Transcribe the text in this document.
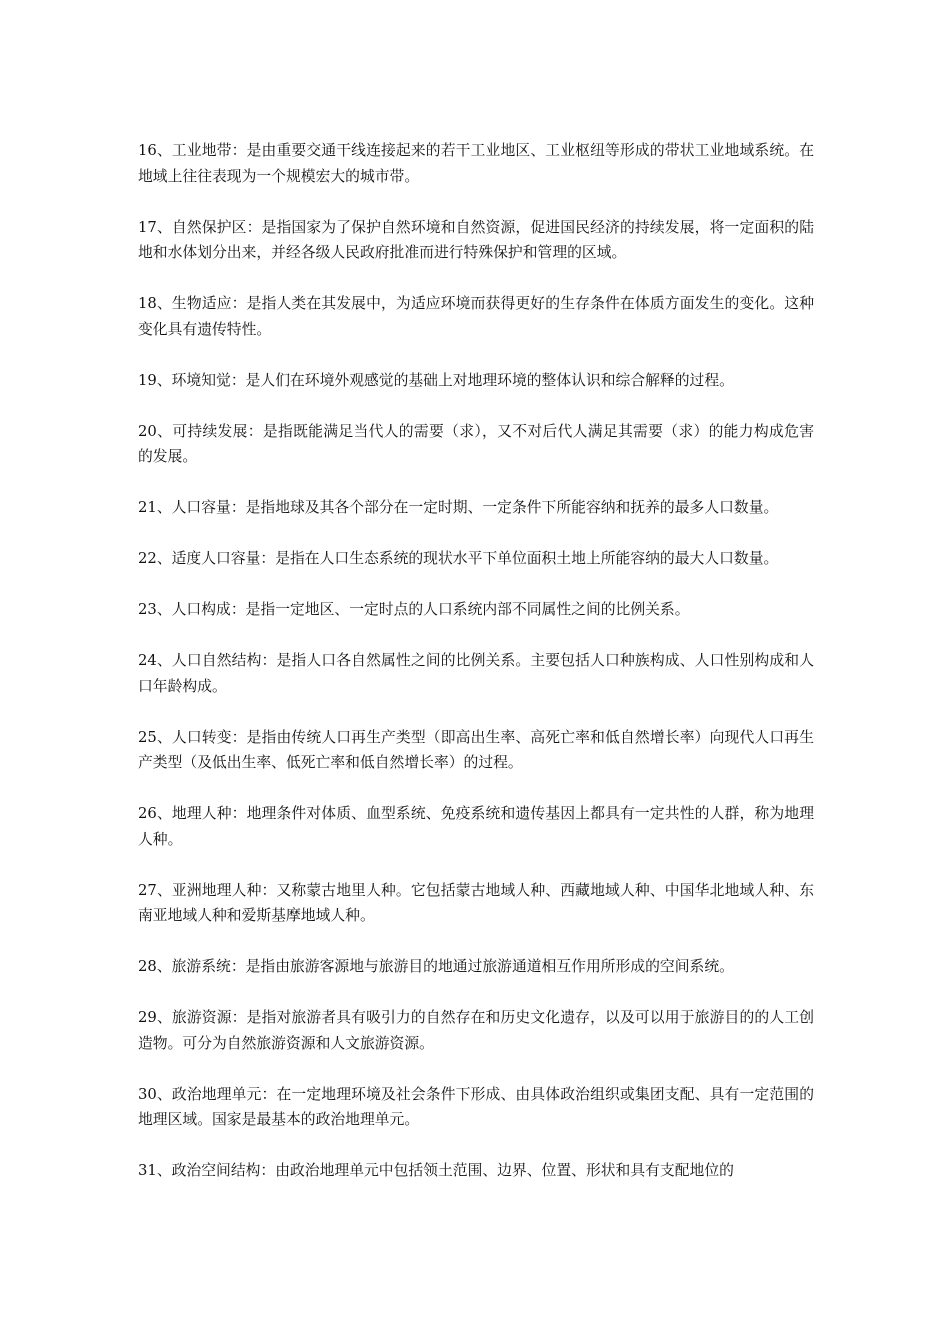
16、工业地带：是由重要交通干线连接起来的若干工业地区、工业枢纽等形成的带状工业地域系统。在地域上往往表现为一个规模宏大的城市带。

17、自然保护区：是指国家为了保护自然环境和自然资源，促进国民经济的持续发展，将一定面积的陆地和水体划分出来，并经各级人民政府批准而进行特殊保护和管理的区域。

18、生物适应：是指人类在其发展中，为适应环境而获得更好的生存条件在体质方面发生的变化。这种变化具有遗传特性。

19、环境知觉：是人们在环境外观感觉的基础上对地理环境的整体认识和综合解释的过程。

20、可持续发展：是指既能满足当代人的需要（求），又不对后代人满足其需要（求）的能力构成危害的发展。

21、人口容量：是指地球及其各个部分在一定时期、一定条件下所能容纳和抚养的最多人口数量。

22、适度人口容量：是指在人口生态系统的现状水平下单位面积土地上所能容纳的最大人口数量。

23、人口构成：是指一定地区、一定时点的人口系统内部不同属性之间的比例关系。

24、人口自然结构：是指人口各自然属性之间的比例关系。主要包括人口种族构成、人口性别构成和人口年龄构成。

25、人口转变：是指由传统人口再生产类型（即高出生率、高死亡率和低自然增长率）向现代人口再生产类型（及低出生率、低死亡率和低自然增长率）的过程。

26、地理人种：地理条件对体质、血型系统、免疫系统和遗传基因上都具有一定共性的人群，称为地理人种。

27、亚洲地理人种：又称蒙古地里人种。它包括蒙古地域人种、西藏地域人种、中国华北地域人种、东南亚地域人种和爱斯基摩地域人种。

28、旅游系统：是指由旅游客源地与旅游目的地通过旅游通道相互作用所形成的空间系统。

29、旅游资源：是指对旅游者具有吸引力的自然存在和历史文化遗存，以及可以用于旅游目的的人工创造物。可分为自然旅游资源和人文旅游资源。

30、政治地理单元：在一定地理环境及社会条件下形成、由具体政治组织或集团支配、具有一定范围的地理区域。国家是最基本的政治地理单元。

31、政治空间结构：由政治地理单元中包括领土范围、边界、位置、形状和具有支配地位的
